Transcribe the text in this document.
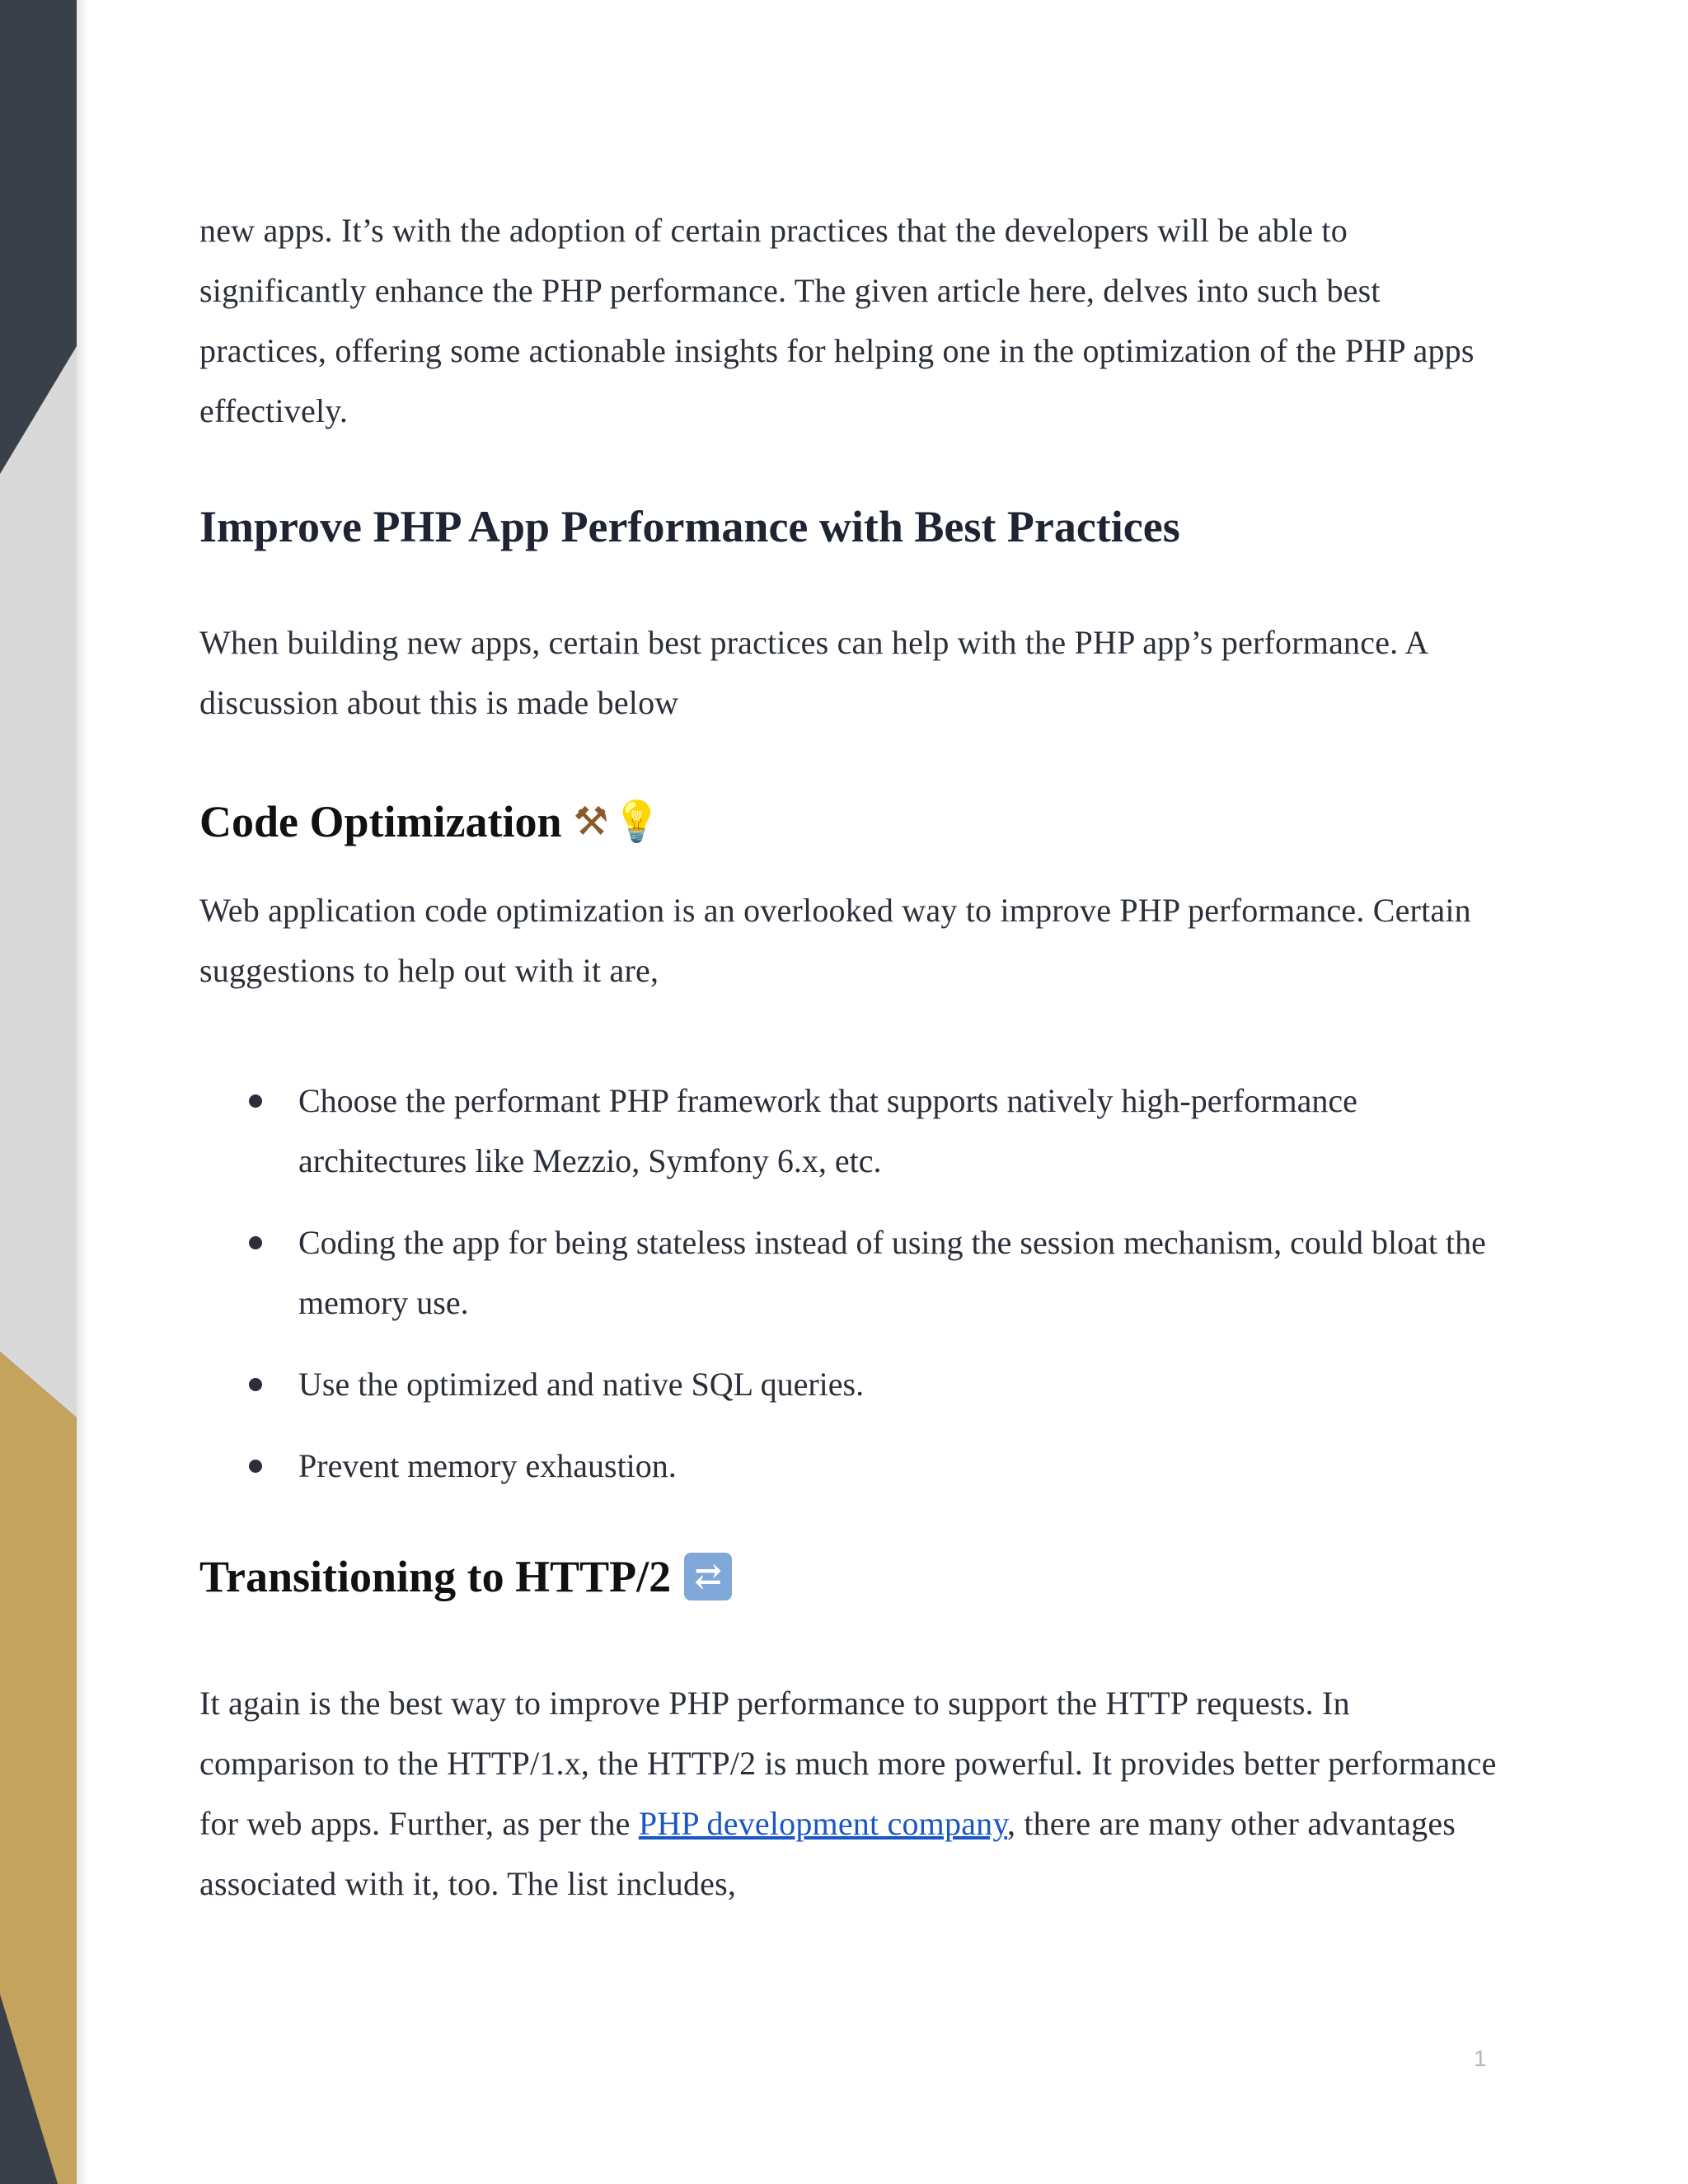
new apps. It’s with the adoption of certain practices that the developers will be able to significantly enhance the PHP performance. The given article here, delves into such best practices, offering some actionable insights for helping one in the optimization of the PHP apps effectively.

Improve PHP App Performance with Best Practices

When building new apps, certain best practices can help with the PHP app’s performance. A discussion about this is made below

Code Optimization ⚒ 💡

Web application code optimization is an overlooked way to improve PHP performance. Certain suggestions to help out with it are,

Choose the performant PHP framework that supports natively high-performance architectures like Mezzio, Symfony 6.x, etc.
Coding the app for being stateless instead of using the session mechanism, could bloat the memory use.
Use the optimized and native SQL queries.
Prevent memory exhaustion.
Transitioning to HTTP/2 ⇄

It again is the best way to improve PHP performance to support the HTTP requests. In comparison to the HTTP/1.x, the HTTP/2 is much more powerful. It provides better performance for web apps. Further, as per the PHP development company, there are many other advantages associated with it, too. The list includes,

1
